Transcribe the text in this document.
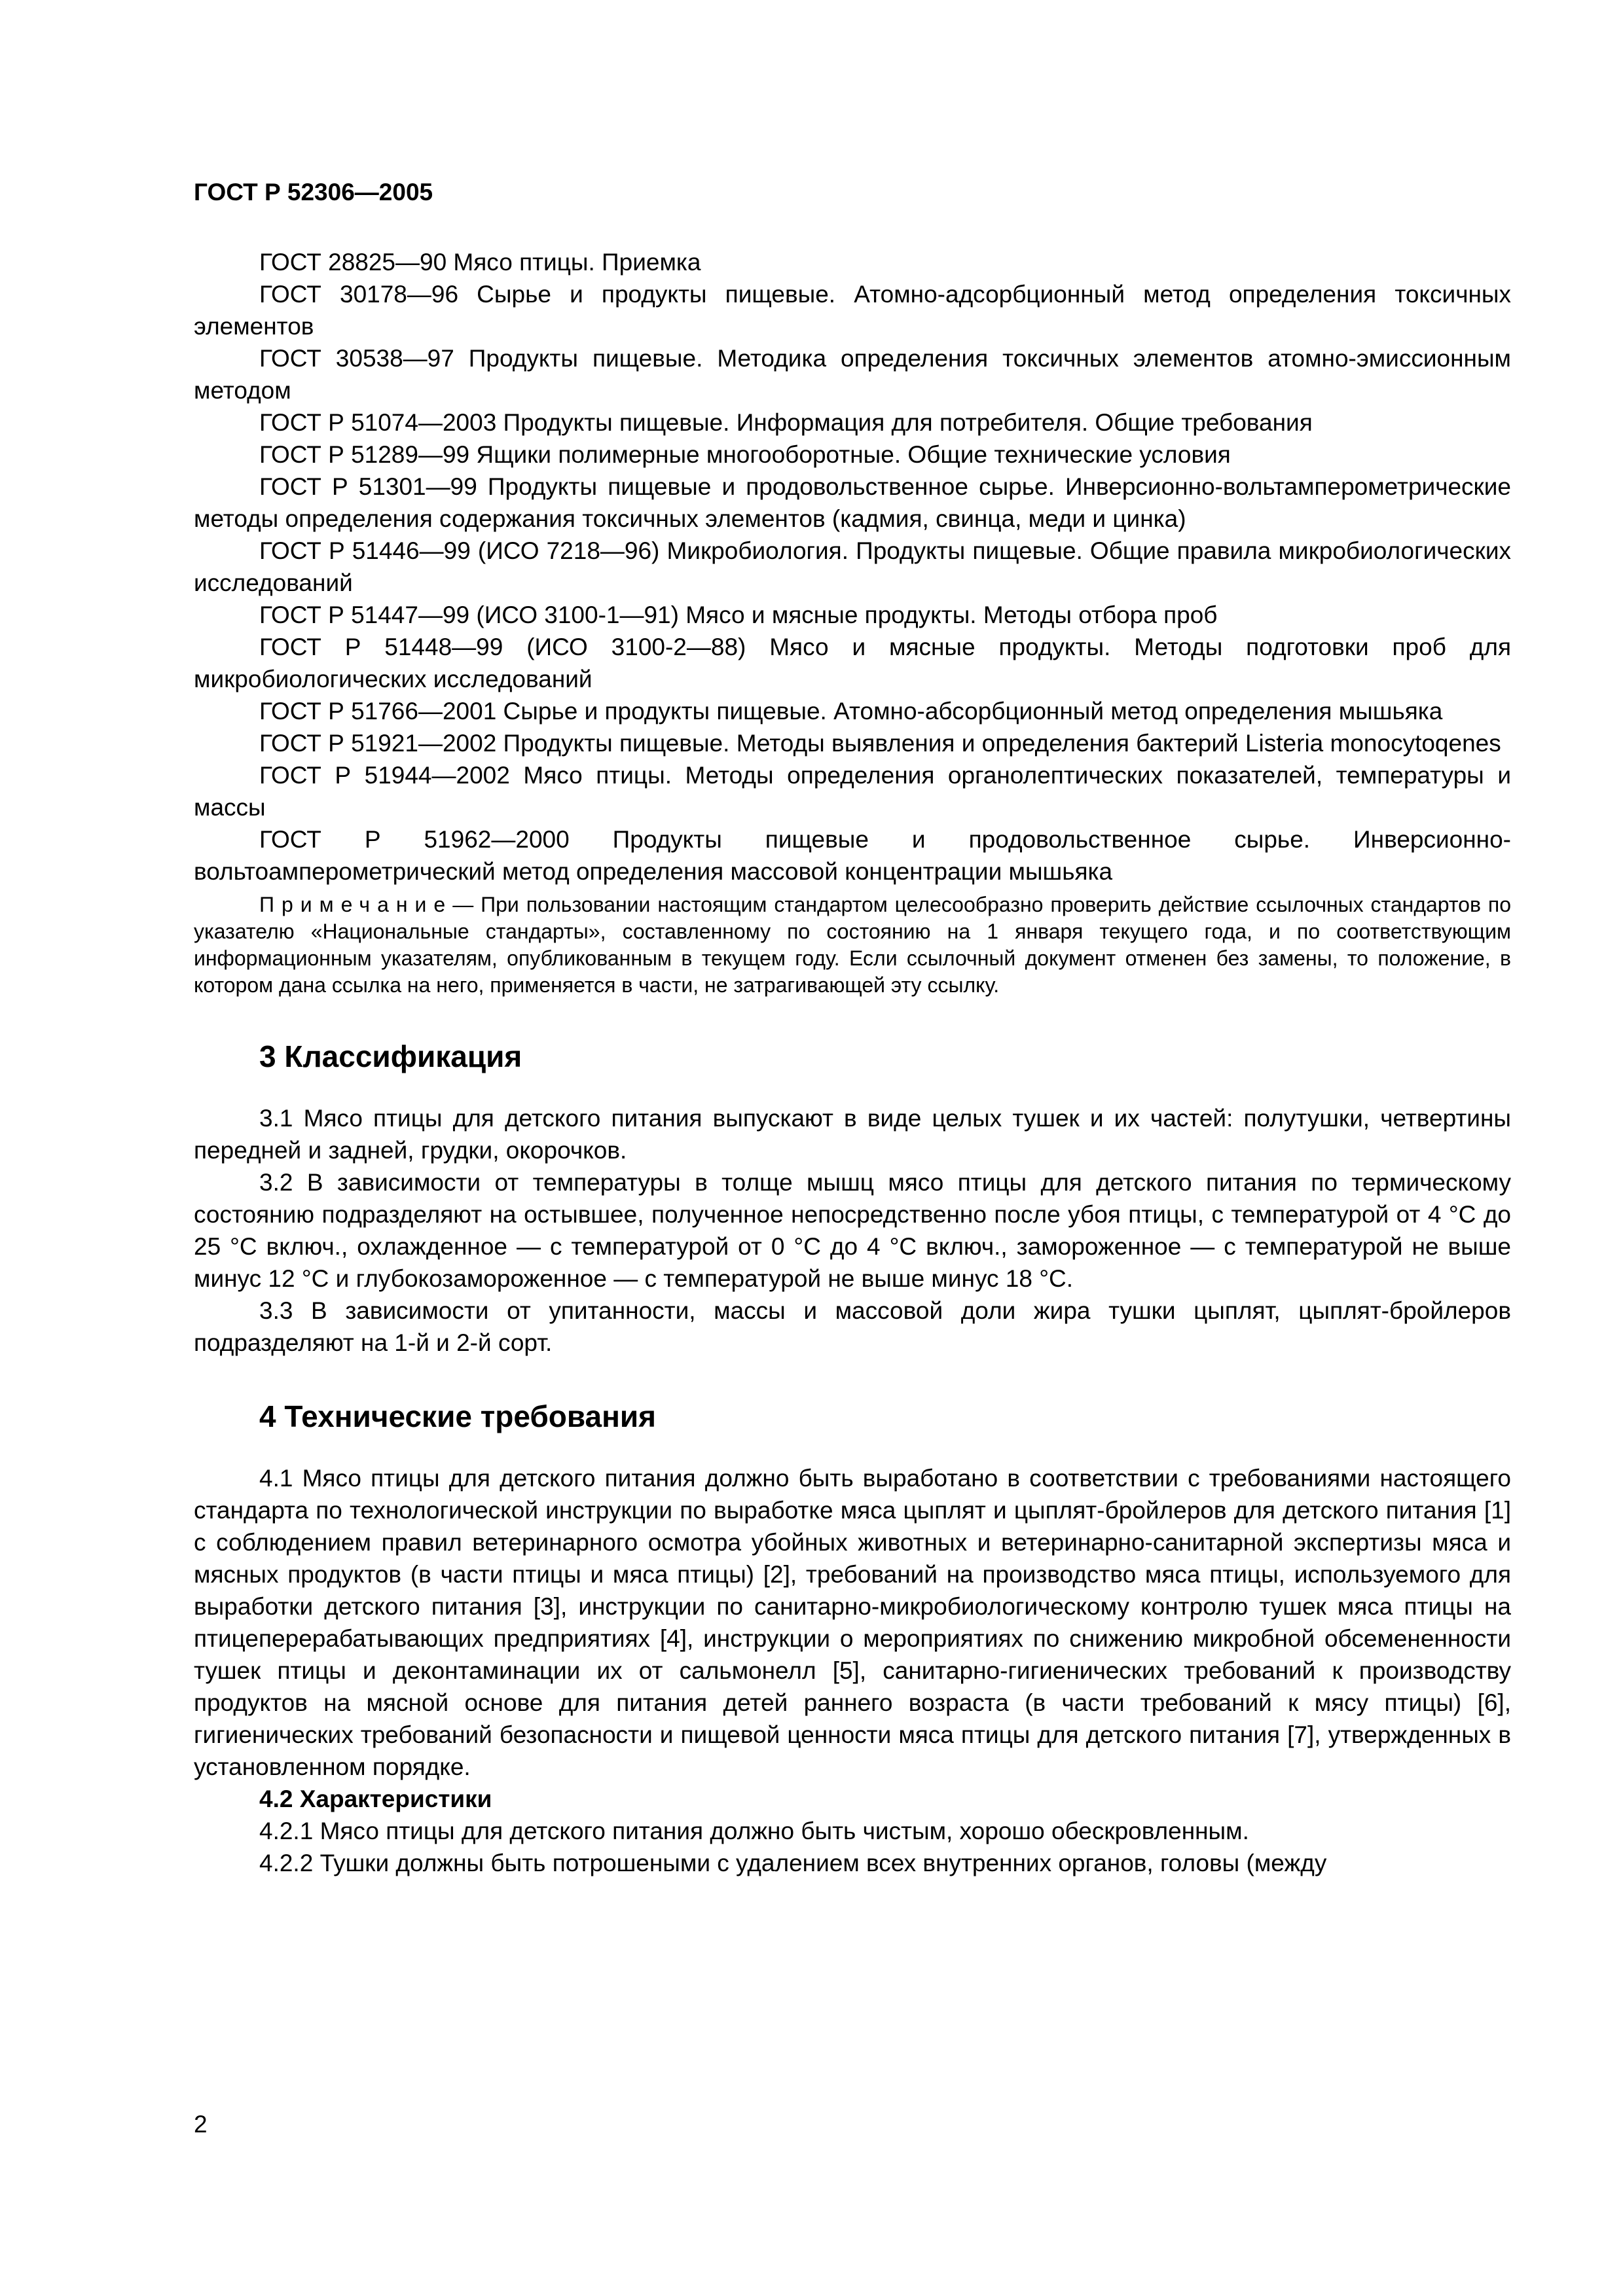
ГОСТ Р 52306—2005

ГОСТ 28825—90 Мясо птицы. Приемка

ГОСТ 30178—96 Сырье и продукты пищевые. Атомно-адсорбционный метод определения токсичных элементов

ГОСТ 30538—97 Продукты пищевые. Методика определения токсичных элементов атомно-эмиссионным методом

ГОСТ Р 51074—2003 Продукты пищевые. Информация для потребителя. Общие требования

ГОСТ Р 51289—99 Ящики полимерные многооборотные. Общие технические условия

ГОСТ Р 51301—99 Продукты пищевые и продовольственное сырье. Инверсионно-вольтамперометрические методы определения содержания токсичных элементов (кадмия, свинца, меди и цинка)

ГОСТ Р 51446—99 (ИСО 7218—96) Микробиология. Продукты пищевые. Общие правила микробиологических исследований

ГОСТ Р 51447—99 (ИСО 3100-1—91) Мясо и мясные продукты. Методы отбора проб

ГОСТ Р 51448—99 (ИСО 3100-2—88) Мясо и мясные продукты. Методы подготовки проб для микробиологических исследований

ГОСТ Р 51766—2001 Сырье и продукты пищевые. Атомно-абсорбционный метод определения мышьяка

ГОСТ Р 51921—2002 Продукты пищевые. Методы выявления и определения бактерий Listeria monocytoqenes

ГОСТ Р 51944—2002 Мясо птицы. Методы определения органолептических показателей, температуры и массы

ГОСТ Р 51962—2000 Продукты пищевые и продовольственное сырье. Инверсионно-вольтоамперометрический метод определения массовой концентрации мышьяка

Примечание— При пользовании настоящим стандартом целесообразно проверить действие ссылочных стандартов по указателю «Национальные стандарты», составленному по состоянию на 1 января текущего года, и по соответствующим информационным указателям, опубликованным в текущем году. Если ссылочный документ отменен без замены, то положение, в котором дана ссылка на него, применяется в части, не затрагивающей эту ссылку.

3 Классификация

3.1 Мясо птицы для детского питания выпускают в виде целых тушек и их частей: полутушки, четвертины передней и задней, грудки, окорочков.

3.2 В зависимости от температуры в толще мышц мясо птицы для детского питания по термическому состоянию подразделяют на остывшее, полученное непосредственно после убоя птицы, с температурой от 4 °С до 25 °С включ., охлажденное — с температурой от 0 °С до 4 °С включ., замороженное — с температурой не выше минус 12 °С и глубокозамороженное — с температурой не выше минус 18 °С.

3.3 В зависимости от упитанности, массы и массовой доли жира тушки цыплят, цыплят-бройлеров подразделяют на 1-й и 2-й сорт.

4 Технические требования

4.1 Мясо птицы для детского питания должно быть выработано в соответствии с требованиями настоящего стандарта по технологической инструкции по выработке мяса цыплят и цыплят-бройлеров для детского питания [1] с соблюдением правил ветеринарного осмотра убойных животных и ветеринарно-санитарной экспертизы мяса и мясных продуктов (в части птицы и мяса птицы) [2], требований на производство мяса птицы, используемого для выработки детского питания [3], инструкции по санитарно-микробиологическому контролю тушек мяса птицы на птицеперерабатывающих предприятиях [4], инструкции о мероприятиях по снижению микробной обсемененности тушек птицы и деконтаминации их от сальмонелл [5], санитарно-гигиенических требований к производству продуктов на мясной основе для питания детей раннего возраста (в части требований к мясу птицы) [6], гигиенических требований безопасности и пищевой ценности мяса птицы для детского питания [7], утвержденных в установленном порядке.

4.2 Характеристики

4.2.1 Мясо птицы для детского питания должно быть чистым, хорошо обескровленным.

4.2.2 Тушки должны быть потрошеными с удалением всех внутренних органов, головы (между

2
